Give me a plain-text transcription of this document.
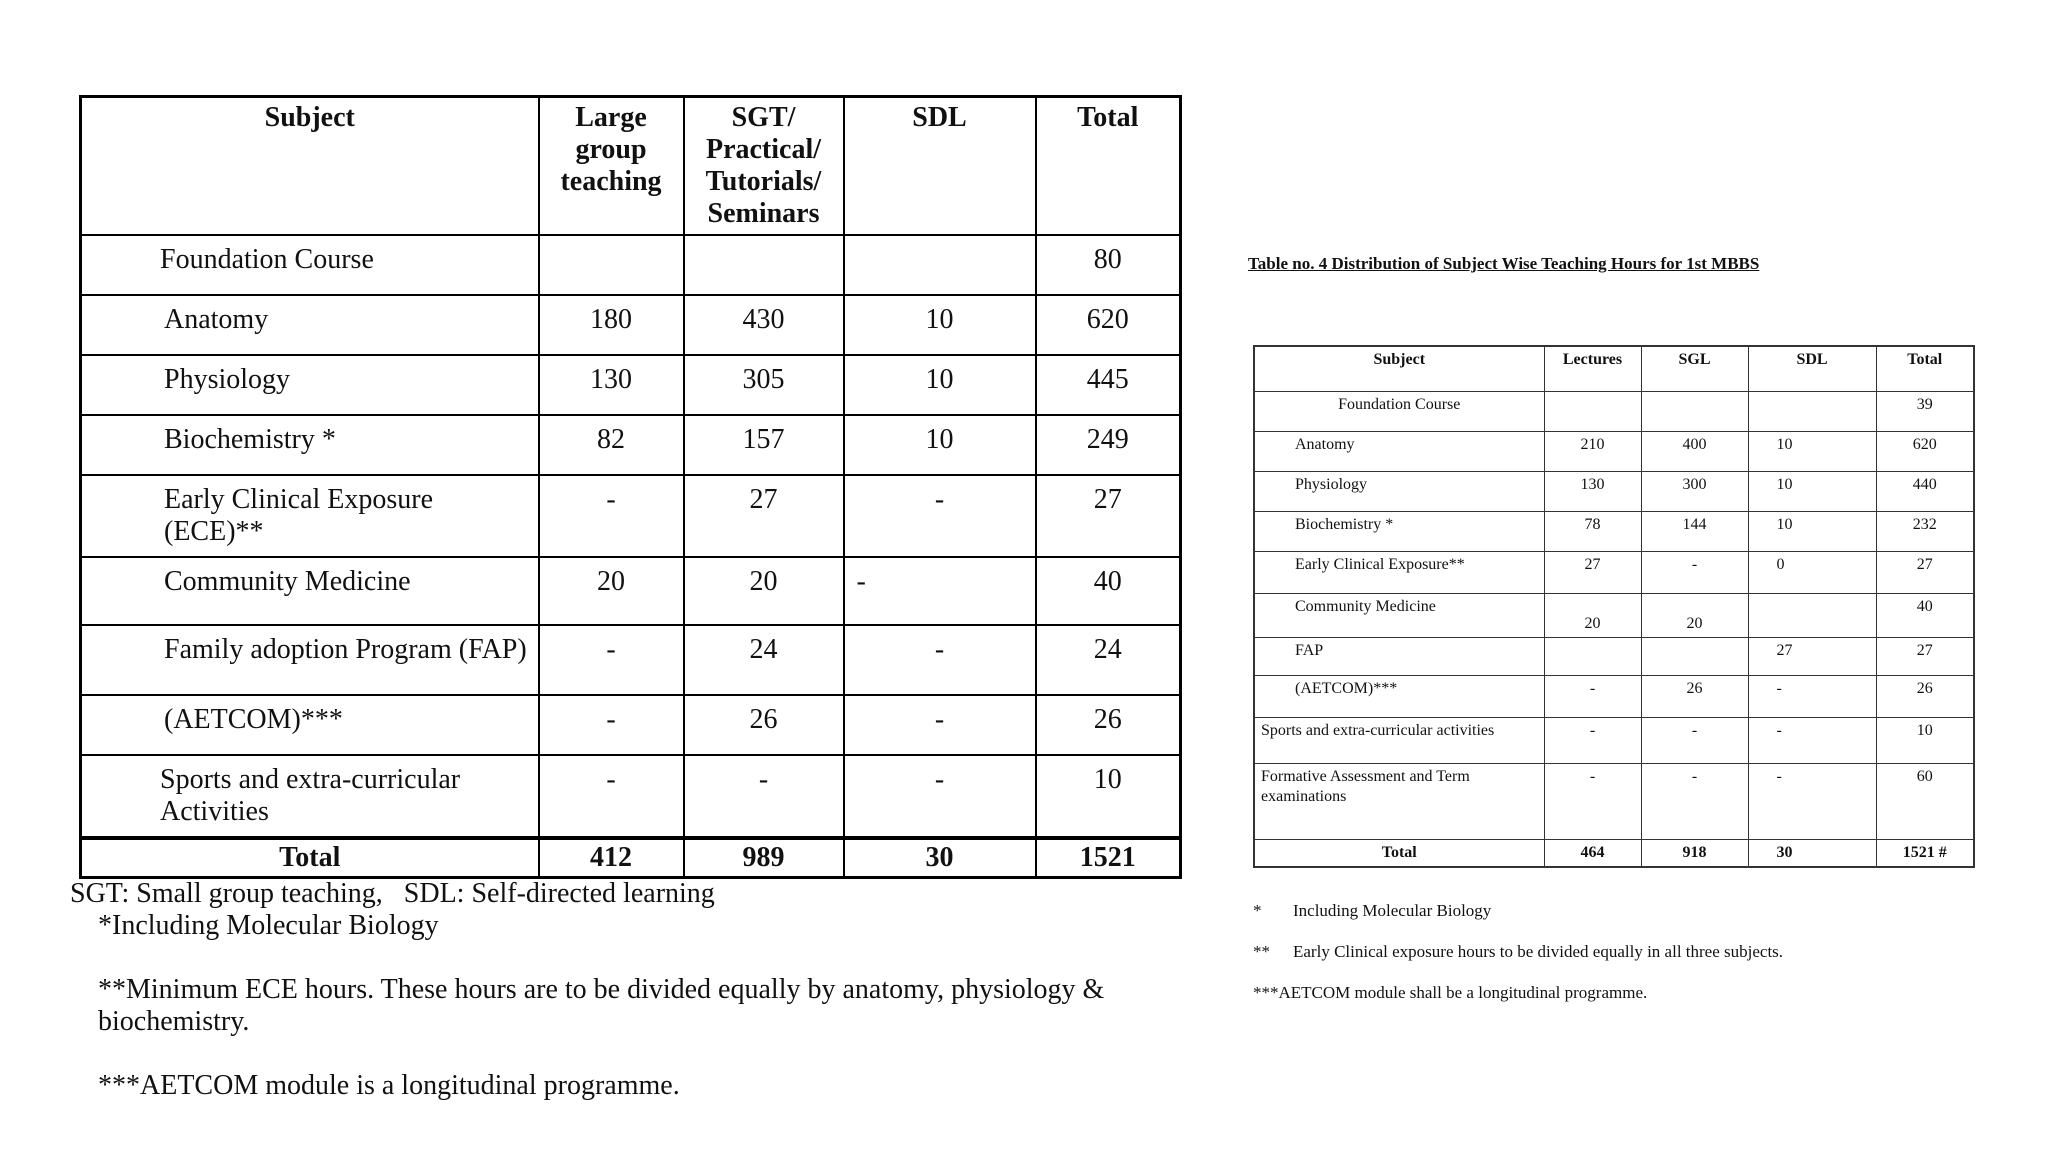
Subject	Large group teaching	SGT/ Practical/ Tutorials/ Seminars	SDL	Total
Foundation Course				80
Anatomy	180	430	10	620
Physiology	130	305	10	445
Biochemistry *	82	157	10	249
Early Clinical Exposure (ECE)**	-	27	-	27
Community Medicine	20	20	-	40
Family adoption Program (FAP)	-	24	-	24
(AETCOM)***	-	26	-	26
Sports and extra-curricular Activities	-	-	-	10
Total	412	989	30	1521

SGT: Small group teaching,   SDL: Self-directed learning

*Including Molecular Biology

**Minimum ECE hours. These hours are to be divided equally by anatomy, physiology & biochemistry.

***AETCOM module is a longitudinal programme.

Table no. 4 Distribution of Subject Wise Teaching Hours for 1st MBBS
Subject	Lectures	SGL	SDL	Total
Foundation Course				39
Anatomy	210	400	10	620
Physiology	130	300	10	440
Biochemistry *	78	144	10	232
Early Clinical Exposure**	27	-	0	27
Community Medicine	20	20		40
FAP			27	27
(AETCOM)***	-	26	-	26
Sports and extra-curricular activities	-	-	-	10
Formative Assessment and Term examinations	-	-	-	60
Total	464	918	30	1521 #
*	Including Molecular Biology
**	Early Clinical exposure hours to be divided equally in all three subjects.
***AETCOM module shall be a longitudinal programme.
